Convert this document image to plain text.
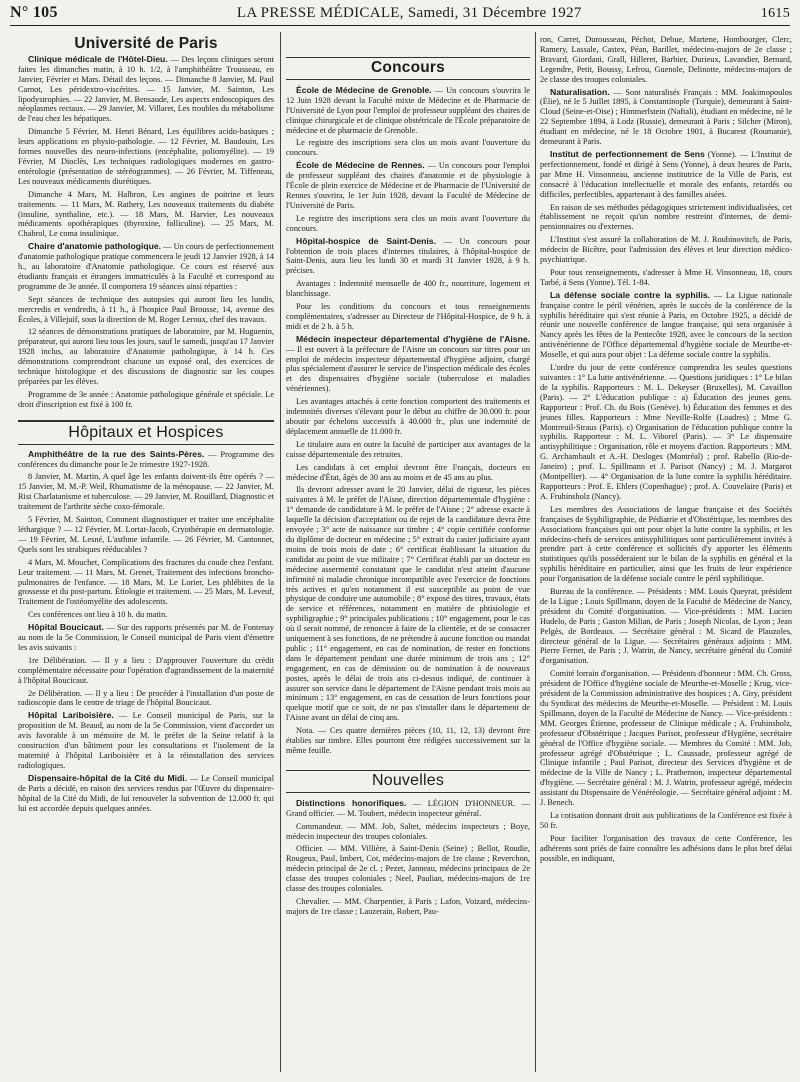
N° 105	LA PRESSE MÉDICALE, Samedi, 31 Décembre 1927	1615
Université de Paris

Clinique médicale de l'Hôtel-Dieu. — Des leçons cliniques seront faites les dimanches matin, à 10 h. 1/2, à l'amphithéâtre Trousseau, en Janvier, Février et Mars. Détail des leçons. — Dimanche 8 Janvier, M. Paul Carnot, Les péridextro-viscérites. — 15 Janvier, M. Sainton, Les lipodystrophies. — 22 Janvier, M. Bensaude, Les aspects endoscopiques des néoplasmes rectaux. — 29 Janvier, M. Villaret, Les troubles du métabolisme de l'eau chez les hépatiques.

Dimanche 5 Février, M. Henri Bénard, Les équilibres acido-basiques ; leurs applications en physio-pathologie. — 12 Février, M. Baudouin, Les formes nouvelles des neuro-infections (encéphalite, poliomyélite). — 19 Février, M Dioclès, Les techniques radiologiques modernes en gastro-entérologie (présentation de stéréogrammes). — 26 Février, M. Tiffeneau, Les nouveaux médicaments diurétiques.

Dimanche 4 Mars, M. Halbron, Les angines de poitrine et leurs traitements. — 11 Mars, M. Rathery, Les nouveaux traitements du diabète (insuline, synthaline, etc.). — 18 Mars, M. Harvier, Les nouveaux médicaments opothérapiques (thyroxine, folliculine). — 25 Mars, M. Chabrol, Le coma insulinique.

Chaire d'anatomie pathologique. — Un cours de perfectionnement d'anatomie pathologique pratique commencera le jeudi 12 Janvier 1928, à 14 h., au laboratoire d'Anatomie pathologique. Ce cours est réservé aux étudiants français et étrangers immatriculés à la Faculté et correspond au programme de 3e année. Il comportera 19 séances ainsi réparties :

Sept séances de technique des autopsies qui auront lieu les lundis, mercredis et vendredis, à 11 h., à l'hospice Paul Brousse, 14, avenue des Écoles, à Villejuif, sous la direction de M. Roger Leroux, chef des travaux.

12 séances de démonstrations pratiques de laboratoire, par M. Huguenin, préparateur, qui auront lieu tous les jours, sauf le samedi, jusqu'au 17 Janvier 1928 inclus, au laboratoire d'Anatomie pathologique, à 14 h. Ces démonstrations comprendront chacune un exposé oral, des exercices de technique histologique et des discussions de diagnostic sur les coupes préparées par les élèves.

Programme de 3e année : Anatomie pathologique générale et spéciale. Le droit d'inscription est fixé à 100 fr.

Hôpitaux et Hospices

Amphithéâtre de la rue des Saints-Pères. — Programme des conférences du dimanche pour le 2e trimestre 1927-1928.

8 Janvier, M. Martin, A quel âge les enfants doivent-ils être opérés ? — 15 Janvier, M. M.-P. Weil, Rhumatisme de la ménopause. — 22 Janvier, M. Rist Charlatanisme et tuberculose. — 29 Janvier, M. Rouillard, Diagnostic et traitement de l'arthrite sèche coxo-fémorale.

5 Février, M. Sainton, Comment diagnostiquer et traiter une encéphalite léthargique ? — 12 Février, M. Lortat-Jacob, Cryothérapie en dermatologie. — 19 Février, M. Lesné, L'asthme infantile. — 26 Février, M. Cantonnet, Quels sont les strabiques rééducables ?

4 Mars, M. Mouchet, Complications des fractures du coude chez l'enfant. Leur traitement. — 11 Mars, M. Grenet, Traitement des infections broncho-pulmonaires de l'enfance. — 18 Mars, M. Le Lorier, Les phlébites de la grossesse et du post-partum. Étiologie et traitement. — 25 Mars, M. Leveuf, Traitement de l'ostéomyélite des adolescents.

Ces conférences ont lieu à 10 h. du matin.

Hôpital Boucicaut. — Sur des rapports présentés par M. de Fontenay au nom de la 5e Commission, le Conseil municipal de Paris vient d'émettre les avis suivants :

1re Délibération. — Il y a lieu : D'approuver l'ouverture du crédit complémentaire nécessaire pour l'opération d'agrandissement de la maternité à l'hôpital Boucicaut.

2e Délibération. — Il y a lieu : De procéder à l'installation d'un poste de radioscopie dans le centre de triage de l'hôpital Boucicaut.

Hôpital Lariboisière. — Le Conseil municipal de Paris, sur la proposition de M. Beaud, au nom de la 5e Commission, vient d'accorder un avis favorable à un mémoire de M. le préfet de la Seine relatif à la construction d'un bâtiment pour les consultations et l'isolement de la maternité à l'hôpital Lariboisière et à la réinstallation des services radiologiques.

Dispensaire-hôpital de la Cité du Midi. — Le Conseil municipal de Paris a décidé, en raison des services rendus par l'Œuvre du dispensaire-hôpital de la Cité du Midi, de lui renouveler la subvention de 12.000 fr. qui lui est accordée depuis quelques années.

Concours

École de Médecine de Grenoble. — Un concours s'ouvrira le 12 Juin 1928 devant la Faculté mixte de Médecine et de Pharmacie de l'Université de Lyon pour l'emploi de professeur suppléant des chaires de clinique chirurgicale et de clinique obstétricale de l'École préparatoire de médecine et de pharmacie de Grenoble.

Le registre des inscriptions sera clos un mois avant l'ouverture du concours.

École de Médecine de Rennes. — Un concours pour l'emploi de professeur suppléant des chaires d'anatomie et de physiologie à l'École de plein exercice de Médecine et de Pharmacie de l'Université de Rennes s'ouvrira, le 1er Juin 1928, devant la Faculté de Médecine de l'Université de Paris.

Le registre des inscriptions sera clos un mois avant l'ouverture du concours.

Hôpital-hospice de Saint-Denis. — Un concours pour l'obtention de trois places d'internes titulaires, à l'hôpital-hospice de Saint-Denis, aura lieu les lundi 30 et mardi 31 Janvier 1928, à 9 h. précises.

Avantages : Indemnité mensuelle de 400 fr., nourriture, logement et blanchissage.

Pour les conditions du concours et tous renseignements complémentaires, s'adresser au Directeur de l'Hôpital-Hospice, de 9 h. à midi et de 2 h. à 5 h.

Médecin inspecteur départemental d'hygiène de l'Aisne. — Il est ouvert à la préfecture de l'Aisne un concours sur titres pour un emploi de médecin inspecteur départemental d'hygiène adjoint, chargé plus spécialement d'assurer le service de l'inspection médicale des écoles et des dispensaires d'hygiène sociale (tuberculose et maladies vénériennes).

Les avantages attachés à cette fonction comportent des traitements et indemnités diverses s'élevant pour le début au chiffre de 30.000 fr. pour aboutir par échelons successifs à 40.000 fr., plus une indemnité de déplacement annuelle de 11.000 fr.

Le titulaire aura en outre la faculté de participer aux avantages de la caisse départementale des retraites.

Les candidats à cet emploi devront être Français, docteurs en médecine d'État, âgés de 30 ans au moins et de 45 ans au plus.

Ils devront adresser avant le 20 Janvier, délai de rigueur, les pièces suivantes à M. le préfet de l'Aisne, direction départementale d'hygiène : 1° demande de candidature à M. le préfet de l'Aisne ; 2° adresse exacte à laquelle la décision d'acceptation ou de rejet de la candidature devra être envoyée ; 3° acte de naissance sur timbre ; 4° copie certifiée conforme du diplôme de docteur en médecine ; 5° extrait du casier judiciaire ayant moins de trois mois de date ; 6° certificat établissant la situation du candidat au point de vue militaire ; 7° Certificat établi par un docteur en médecine assermenté constatant que le candidat n'est atteint d'aucune infirmité ni maladie chronique incompatible avec l'exercice de fonctions très actives et qu'en notamment il est susceptible au point de vue physique de conduire une automobile ; 8° exposé des titres, travaux, états de service et références, notamment en matière de phtisiologie et syphiligraphie ; 9° principales publications ; 10° engagement, pour le cas où il serait nommé, de renoncer à faire de la clientèle, et de se consacrer uniquement à ses fonctions, de ne prétendre à aucune fonction ou mandat public ; 11° engagement, en cas de nomination, de rester en fonctions dans le département pendant une durée minimum de trois ans ; 12° engagement, en cas de démission ou de nomination à de nouveaux postes, après le délai de trois ans ci-dessus indiqué, de continuer à assurer son service dans le département de l'Aisne pendant trois mois au minimum ; 13° engagement, en cas de cessation de leurs fonctions pour quelque motif que ce soit, de ne pas s'installer dans le département de l'Aisne avant un délai de cinq ans.

Nota. — Ces quatre dernières pièces (10, 11, 12, 13) devront être établies sur timbre. Elles pourront être rédigées successivement sur la même feuille.

Nouvelles

Distinctions honorifiques. — LÉGION D'HONNEUR. — Grand officier. — M. Toubert, médecin inspecteur général.

Commandeur. — MM. Job, Saltet, médecins inspecteurs ; Boye, médecin inspecteur des troupes coloniales.

Officier. — MM. Villière, à Saint-Denis (Seine) ; Bellot, Roudie, Rougeux, Paul, Imbert, Cot, médecins-majors de 1re classe ; Reverchon, médecin principal de 2e cl. ; Pezet, Janneau, médecins principaux de 2e classe des troupes coloniales ; Neel, Paulian, médecins-majors de 1re classe des troupes coloniales.

Chevalier. — MM. Charpentier, à Paris ; Lafon, Voizard, médecins-majors de 1re classe ; Lauzerain, Robert, Pau-

ron, Carret, Durousseau, Péchot, Debue, Martene, Hombourger, Clerc, Ramery, Lassale, Castex, Péan, Barillet, médecins-majors de 2e classe ; Bravard, Giordani, Grall, Hilleret, Barbier, Durieux, Lavandier, Bernard, Legendre, Petit, Boussy, Lefrou, Guenole, Delinotte, médecins-majors de 2e classe des troupes coloniales.

Naturalisation. — Sont naturalisés Français : MM. Joakimopoulos (Élie), né le 5 Juillet 1895, à Constantinople (Turquie), demeurant à Saint-Cloud (Seine-et-Oise) ; Himmerlstein (Naftali), étudiant en médecine, né le 22 Septembre 1894, à Lodz (Russie), demeurant à Paris ; Silcher (Miron), étudiant en médecine, né le 18 Octobre 1901, à Bucarest (Roumanie), demeurant à Paris.

Institut de perfectionnement de Sens (Yonne). — L'Institut de perfectionnement, fondé et dirigé à Sens (Yonne), à deux heures de Paris, par Mme H. Vinsonneau, ancienne institutrice de la Ville de Paris, est consacré à l'éducation intellectuelle et morale des enfants, retardés ou difficiles, perfectibles, appartenant à des familles aisées.

En raison de ses méthodes pédagogiques strictement individualisées, cet établissement ne reçoit qu'un nombre restreint d'internes, de demi-pensionnaires ou d'externes.

L'Institut s'est assuré la collaboration de M. J. Roubinovitch, de Paris, médecin de Bicêtre, pour l'admission des élèves et leur direction médico-psychiatrique.

Pour tous renseignements, s'adresser à Mme H. Vinsonneau, 18, cours Tarbé, à Sens (Yonne). Tél. 1-84.

La défense sociale contre la syphilis. — La Ligue nationale française contre le péril vénérien, après le succès de la conférence de la syphilis héréditaire qui s'est réunie à Paris, en Octobre 1925, a décidé de réunir une nouvelle conférence de langue française, qui sera organisée à Nancy après les fêtes de la Pentecôte 1928, avec le concours de la section antivénérienne de l'Office départemental d'hygiène sociale de Meurthe-et-Moselle, et qui aura pour objet : La défense sociale contre la syphilis.

L'ordre du jour de cette conférence comprendra les seules questions suivantes : 1° La lutte antivénérienne. — Questions juridiques : 1° Le bilan de la syphilis. Rapporteurs : M. L. Dekeyser (Bruxelles), M. Cavaillon (Paris). — 2° L'éducation publique : a) Éducation des jeunes gens. Rapporteur : Prof. Ch. du Bois (Genève). b) Éducation des femmes et des jeunes filles. Rapporteurs : Mme Neville-Rolfe (Loadres) ; Mme G. Montreuil-Straus (Paris). c) Organisation de l'éducation publique contre la syphilis. Rapporteur : M. L. Viborel (Paris). — 3° Le dispensaire antisyphilitique : Organisation, rôle et moyens d'action. Rapporteurs : MM. G. Archambault et A.-H. Desloges (Montréal) ; prof. Rabello (Rio-de-Janeiro) ; prof. L. Spillmann et J. Parisot (Nancy) ; M. J. Margarot (Montpellier). — 4° Organisation de la lutte contre la syphilis héréditaire. Rapporteurs : Prof. E. Ehlers (Copenhague) ; prof. A. Couvelaire (Paris) et A. Fruhinsholz (Nancy).

Les membres des Associations de langue française et des Sociétés françaises de Syphiligraphie, de Pédiatrie et d'Obstétrique, les membres des Associations françaises qui ont pour objet la lutte contre la syphilis, et les médecins-chefs de services antisyphilitiques sont particulièrement invités à prendre part à cette conférence et sollicités d'y apporter les éléments statistiques qu'ils posséderaient sur le bilan de la syphilis en général et la syphilis héréditaire en particulier, ainsi que les fruits de leur expérience pour l'organisation de la défense sociale contre le péril syphilitique.

Bureau de la conférence. — Présidents : MM. Louis Queyrat, président de la Ligue ; Louis Spillmann, doyen de la Faculté de Médecine de Nancy, président du Comité d'organisation. — Vice-présidents : MM. Lucien Hudelo, de Paris ; Gaston Milian, de Paris ; Joseph Nicolas, de Lyon ; Jean Pelgès, de Bordeaux. — Secrétaire général : M. Sicard de Plauzoles, directeur général de la Ligue. — Secrétaires généraux adjoints : MM. Pierre Fernet, de Paris ; J. Watrin, de Nancy, secrétaire général du Comité d'organisation.

Comité lorrain d'organisation. — Présidents d'honneur : MM. Ch. Gross, président de l'Office d'hygiène sociale de Meurthe-et-Moselle ; Krug, vice-président de la Commission administrative des hospices ; A. Giry, président du Syndicat des médecins de Meurthe-et-Moselle. — Président : M. Louis Spillmann, doyen de la Faculté de Médecine de Nancy. — Vice-présidents : MM. Georges Étienne, professeur de Clinique médicale ; A. Fruhinsholz, professeur d'Obstétrique ; Jacques Parisot, professeur d'Hygiène, secrétaire général de l'Office d'hygiène sociale. — Membres du Comité : MM. Job, professeur agrégé d'Obstétrique ; L. Caussade, professeur agrégé de Clinique infantile ; Paul Parisot, directeur des Services d'hygiène et de médecine de la Ville de Nancy ; L. Pratbernon, inspecteur départemental d'hygiène. — Secrétaire général : M. J. Watrin, professeur agrégé, médecin assistant du Dispensaire de Vénéréologie. — Secrétaire général adjoint : M. J. Benech.

La cotisation donnant droit aux publications de la Conférence est fixée à 50 fr.

Pour faciliter l'organisation des travaux de cette Conférence, les adhérents sont priés de faire connaître les adhésions dans le plus bref délai possible, en indiquant,
